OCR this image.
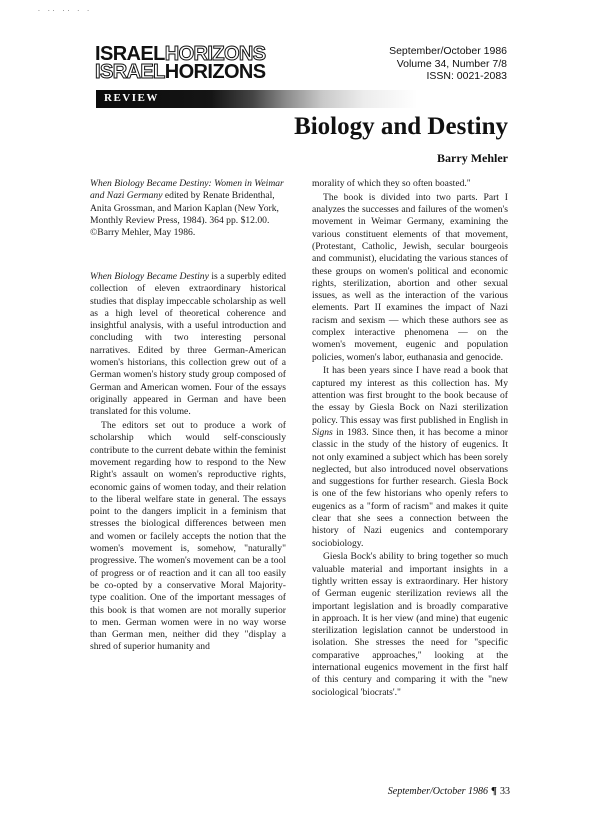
. .. .. . .
ISRAELHORIZONS
ISRAELHORIZONS
September/October 1986
Volume 34, Number 7/8
ISSN: 0021-2083
REVIEW
Biology and Destiny
Barry Mehler
When Biology Became Destiny: Women in Weimar and Nazi Germany edited by Renate Bridenthal, Anita Grossman, and Marion Kaplan (New York, Monthly Review Press, 1984). 364 pp. $12.00. ©Barry Mehler, May 1986.

When Biology Became Destiny is a superbly edited collection of eleven extraordinary historical studies that display impeccable scholarship as well as a high level of theoretical coherence and insightful analysis, with a useful introduction and concluding with two interesting personal narratives. Edited by three German-American women's historians, this collection grew out of a German women's history study group composed of German and American women. Four of the essays originally appeared in German and have been translated for this volume.

The editors set out to produce a work of scholarship which would self-consciously contribute to the current debate within the feminist movement regarding how to respond to the New Right's assault on women's reproductive rights, economic gains of women today, and their relation to the liberal welfare state in general. The essays point to the dangers implicit in a feminism that stresses the biological differences between men and women or facilely accepts the notion that the women's movement is, somehow, "naturally" progressive. The women's movement can be a tool of progress or of reaction and it can all too easily be co-opted by a conservative Moral Majority-type coalition. One of the important messages of this book is that women are not morally superior to men. German women were in no way worse than German men, neither did they "display a shred of superior humanity and

morality of which they so often boasted."

The book is divided into two parts. Part I analyzes the successes and failures of the women's movement in Weimar Germany, examining the various constituent elements of that movement, (Protestant, Catholic, Jewish, secular bourgeois and communist), elucidating the various stances of these groups on women's political and economic rights, sterilization, abortion and other sexual issues, as well as the interaction of the various elements. Part II examines the impact of Nazi racism and sexism — which these authors see as complex interactive phenomena — on the women's movement, eugenic and population policies, women's labor, euthanasia and genocide.

It has been years since I have read a book that captured my interest as this collection has. My attention was first brought to the book because of the essay by Giesla Bock on Nazi sterilization policy. This essay was first published in English in Signs in 1983. Since then, it has become a minor classic in the study of the history of eugenics. It not only examined a subject which has been sorely neglected, but also introduced novel observations and suggestions for further research. Giesla Bock is one of the few historians who openly refers to eugenics as a "form of racism" and makes it quite clear that she sees a connection between the history of Nazi eugenics and contemporary sociobiology.

Giesla Bock's ability to bring together so much valuable material and important insights in a tightly written essay is extraordinary. Her history of German eugenic sterilization reviews all the important legislation and is broadly comparative in approach. It is her view (and mine) that eugenic sterilization legislation cannot be understood in isolation. She stresses the need for "specific comparative approaches," looking at the international eugenics movement in the first half of this century and comparing it with the "new sociological 'biocrats'."

September/October 1986 ¶ 33
